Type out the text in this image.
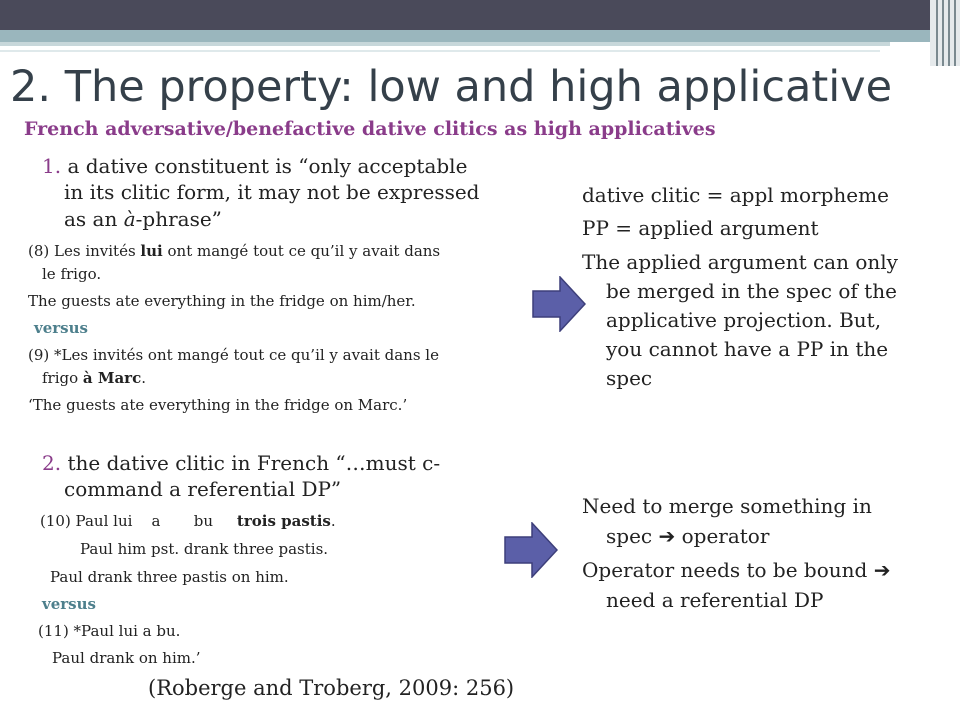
2. The property: low and high applicative
French adversative/benefactive dative clitics as high applicatives
1. a dative constituent is “only acceptable
in its clitic form, it may not be expressed
as an à-phrase”
(8) Les invités lui ont mangé tout ce qu’il y avait dans
le frigo.
The guests ate everything in the fridge on him/her.
versus
(9) *Les invités ont mangé tout ce qu’il y avait dans le
frigo à Marc.
‘The guests ate everything in the fridge on Marc.’
2. the dative clitic in French “…must c-
command a referential DP”
(10) Paul lui    a       bu     trois pastis.
Paul him pst. drank three pastis.
Paul drank three pastis on him.
versus
(11) *Paul lui a bu.
Paul drank on him.’
(Roberge and Troberg, 2009: 256)
dative clitic = appl morpheme
PP = applied argument
The applied argument can only
be merged in the spec of the
applicative projection. But,
you cannot have a PP in the
spec
Need to merge something in
spec ➔ operator
Operator needs to be bound ➔
need a referential DP
